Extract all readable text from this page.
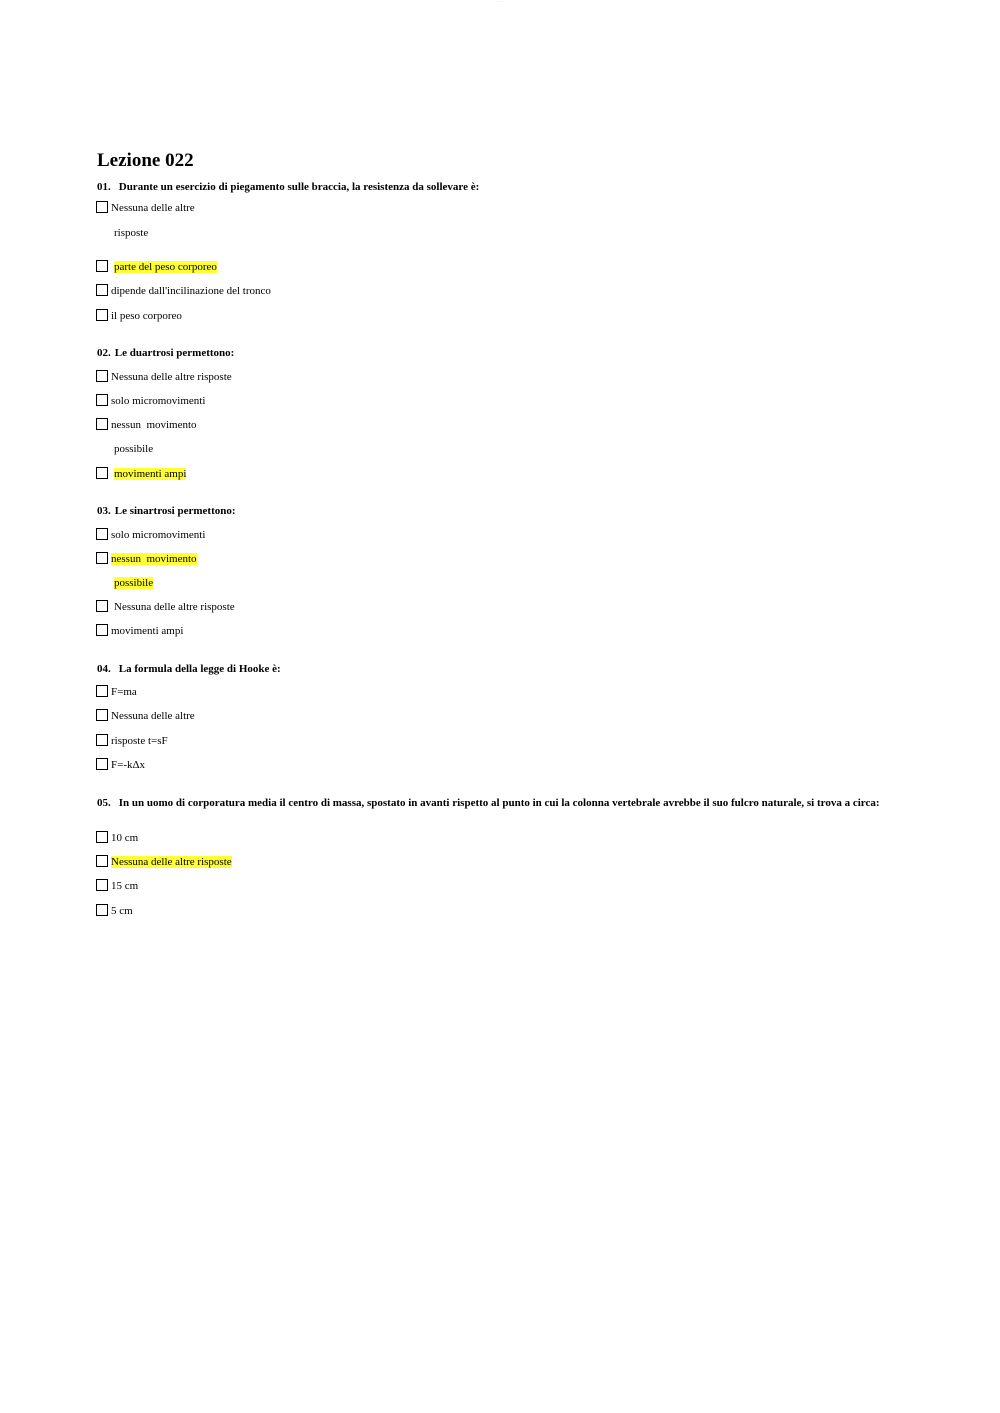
· · · · ·
Lezione 022

01. Durante un esercizio di piegamento sulle braccia, la resistenza da sollevare è:

Nessuna delle altre
risposte
parte del peso corporeo
dipende dall'incilinazione del tronco
il peso corporeo

02. Le duartrosi permettono:

Nessuna delle altre risposte
solo micromovimenti
nessun  movimento
possibile
movimenti ampi

03. Le sinartrosi permettono:

solo micromovimenti
nessun  movimento
possibile
Nessuna delle altre risposte
movimenti ampi

04. La formula della legge di Hooke è:

F=ma
Nessuna delle altre
risposte t=sF
F=-kΔx

05. In un uomo di corporatura media il centro di massa, spostato in avanti rispetto al punto in cui la colonna vertebrale avrebbe il suo fulcro naturale, si trova a circa:

10 cm
Nessuna delle altre risposte
15 cm
5 cm
